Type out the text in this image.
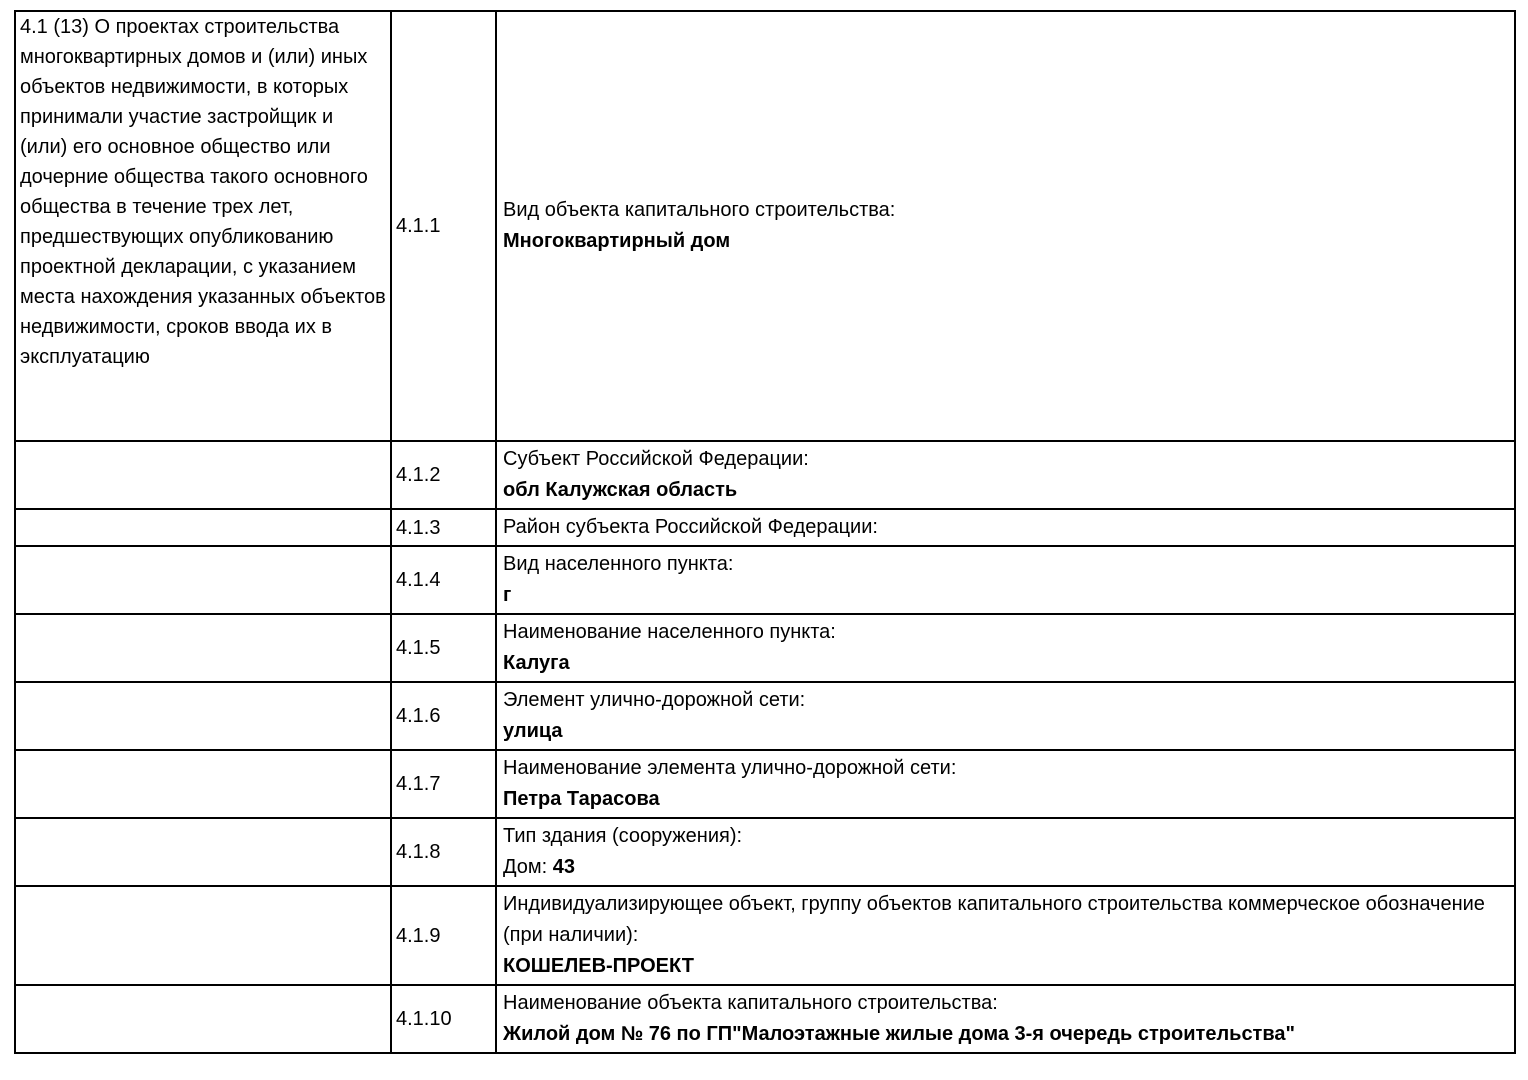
4.1 (13) О проектах строительства многоквартирных домов и (или) иных объектов недвижимости, в которых принимали участие застройщик и (или) его основное общество или дочерние общества такого основного общества в течение трех лет, предшествующих опубликованию проектной декларации, с указанием места нахождения указанных объектов недвижимости, сроков ввода их в эксплуатацию	4.1.1	Вид объекта капитального строительства:
Многоквартирный дом

	4.1.2	Субъект Российской Федерации:
обл Калужская область

	4.1.3	Район субъекта Российской Федерации:

	4.1.4	Вид населенного пункта:
г

	4.1.5	Наименование населенного пункта:
Калуга

	4.1.6	Элемент улично-дорожной сети:
улица

	4.1.7	Наименование элемента улично-дорожной сети:
Петра Тарасова

	4.1.8	Тип здания (сооружения):
Дом: 43

	4.1.9	Индивидуализирующее объект, группу объектов капитального строительства коммерческое обозначение (при наличии):
КОШЕЛЕВ-ПРОЕКТ

	4.1.10	Наименование объекта капитального строительства:
Жилой дом № 76 по ГП"Малоэтажные жилые дома 3-я очередь строительства"
